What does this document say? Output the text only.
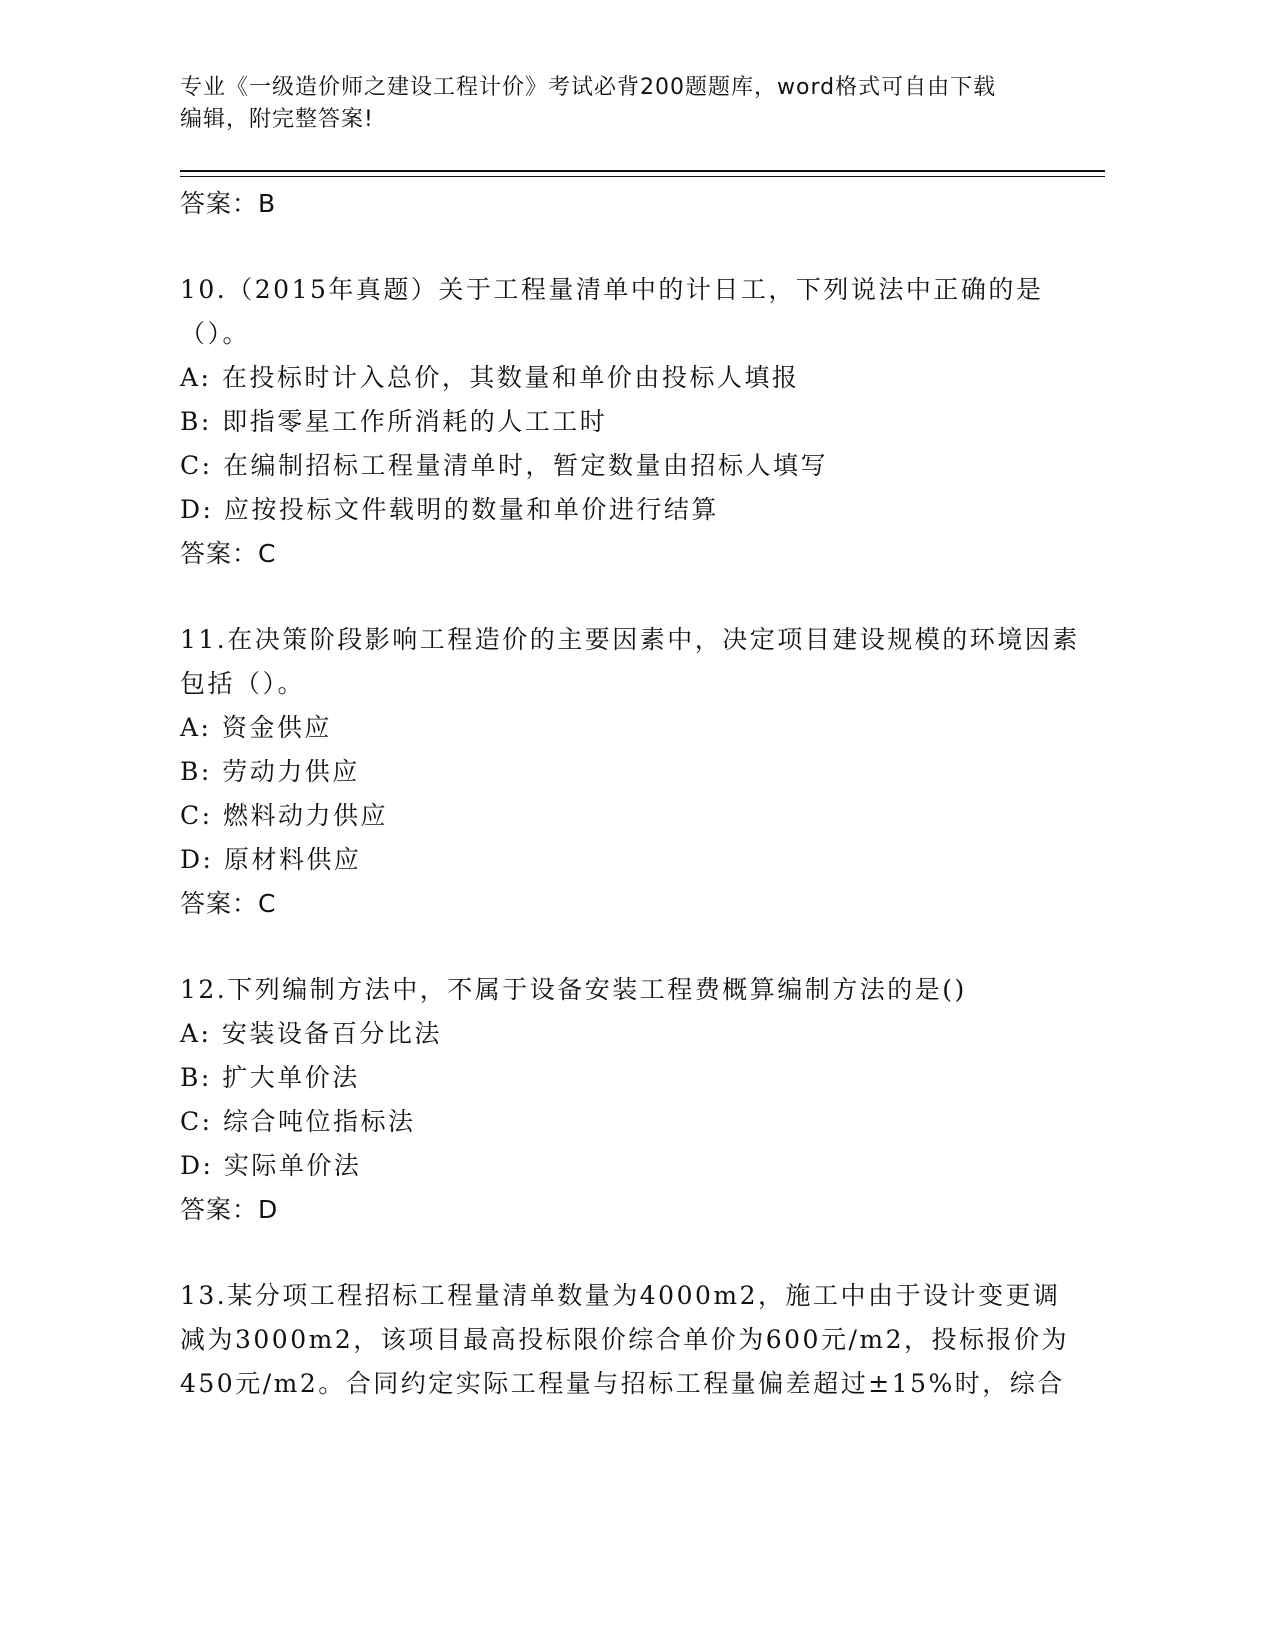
专业《一级造价师之建设工程计价》考试必背200题题库，word格式可自由下载
编辑，附完整答案!

答案：B

10.（2015年真题）关于工程量清单中的计日工，下列说法中正确的是（）。

A: 在投标时计入总价，其数量和单价由投标人填报

B: 即指零星工作所消耗的人工工时

C: 在编制招标工程量清单时，暂定数量由招标人填写

D: 应按投标文件载明的数量和单价进行结算

答案：C

11.在决策阶段影响工程造价的主要因素中，决定项目建设规模的环境因素包括（）。

A: 资金供应

B: 劳动力供应

C: 燃料动力供应

D: 原材料供应

答案：C

12.下列编制方法中，不属于设备安装工程费概算编制方法的是()

A: 安装设备百分比法

B: 扩大单价法

C: 综合吨位指标法

D: 实际单价法

答案：D

13.某分项工程招标工程量清单数量为4000m2，施工中由于设计变更调减为3000m2，该项目最高投标限价综合单价为600元/m2，投标报价为450元/m2。合同约定实际工程量与招标工程量偏差超过±15%时，综合
